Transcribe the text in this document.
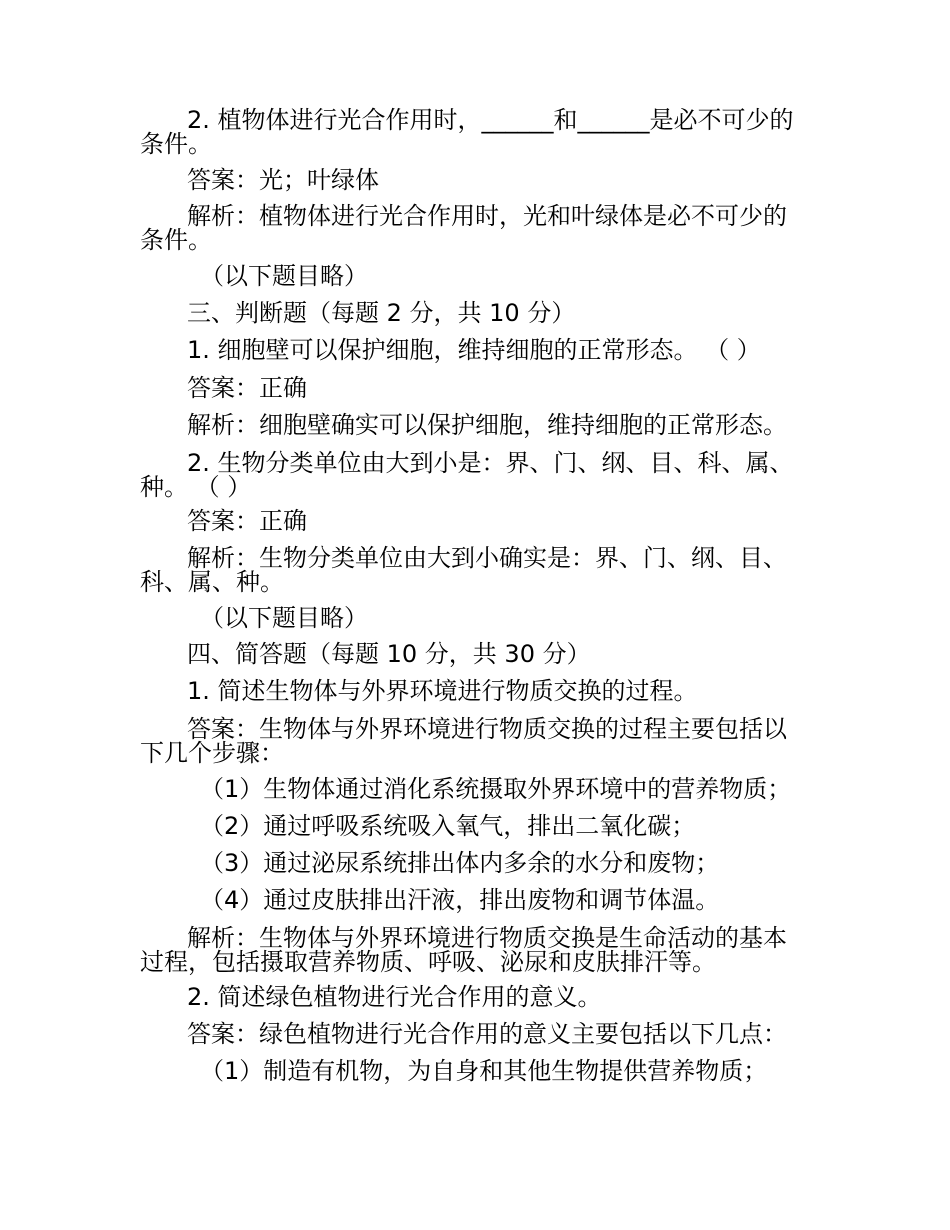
2. 植物体进行光合作用时，______和______是必不可少的条件。

答案：光；叶绿体

解析：植物体进行光合作用时，光和叶绿体是必不可少的条件。

（以下题目略）

三、判断题（每题 2 分，共 10 分）

1. 细胞壁可以保护细胞，维持细胞的正常形态。 （ ）

答案：正确

解析：细胞壁确实可以保护细胞，维持细胞的正常形态。

2. 生物分类单位由大到小是：界、门、纲、目、科、属、种。 （ ）

答案：正确

解析：生物分类单位由大到小确实是：界、门、纲、目、科、属、种。

（以下题目略）

四、简答题（每题 10 分，共 30 分）

1. 简述生物体与外界环境进行物质交换的过程。

答案：生物体与外界环境进行物质交换的过程主要包括以下几个步骤：

（1）生物体通过消化系统摄取外界环境中的营养物质；

（2）通过呼吸系统吸入氧气，排出二氧化碳；

（3）通过泌尿系统排出体内多余的水分和废物；

（4）通过皮肤排出汗液，排出废物和调节体温。

解析：生物体与外界环境进行物质交换是生命活动的基本过程，包括摄取营养物质、呼吸、泌尿和皮肤排汗等。

2. 简述绿色植物进行光合作用的意义。

答案：绿色植物进行光合作用的意义主要包括以下几点：

（1）制造有机物，为自身和其他生物提供营养物质；
